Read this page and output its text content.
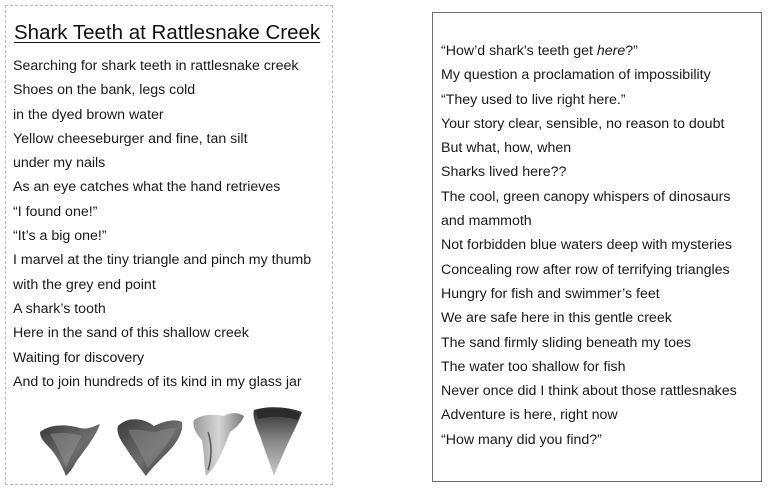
Shark Teeth at Rattlesnake Creek
Searching for shark teeth in rattlesnake creek
Shoes on the bank, legs cold
in the dyed brown water
Yellow cheeseburger and fine, tan silt
under my nails
As an eye catches what the hand retrieves
“I found one!”
“It’s a big one!”
I marvel at the tiny triangle and pinch my thumb
with the grey end point
A shark’s tooth
Here in the sand of this shallow creek
Waiting for discovery
And to join hundreds of its kind in my glass jar
“How’d shark’s teeth get here?”
My question a proclamation of impossibility
“They used to live right here.”
Your story clear, sensible, no reason to doubt
But what, how, when
Sharks lived here??
The cool, green canopy whispers of dinosaurs
and mammoth
Not forbidden blue waters deep with mysteries
Concealing row after row of terrifying triangles
Hungry for fish and swimmer’s feet
We are safe here in this gentle creek
The sand firmly sliding beneath my toes
The water too shallow for fish
Never once did I think about those rattlesnakes
Adventure is here, right now
“How many did you find?”
